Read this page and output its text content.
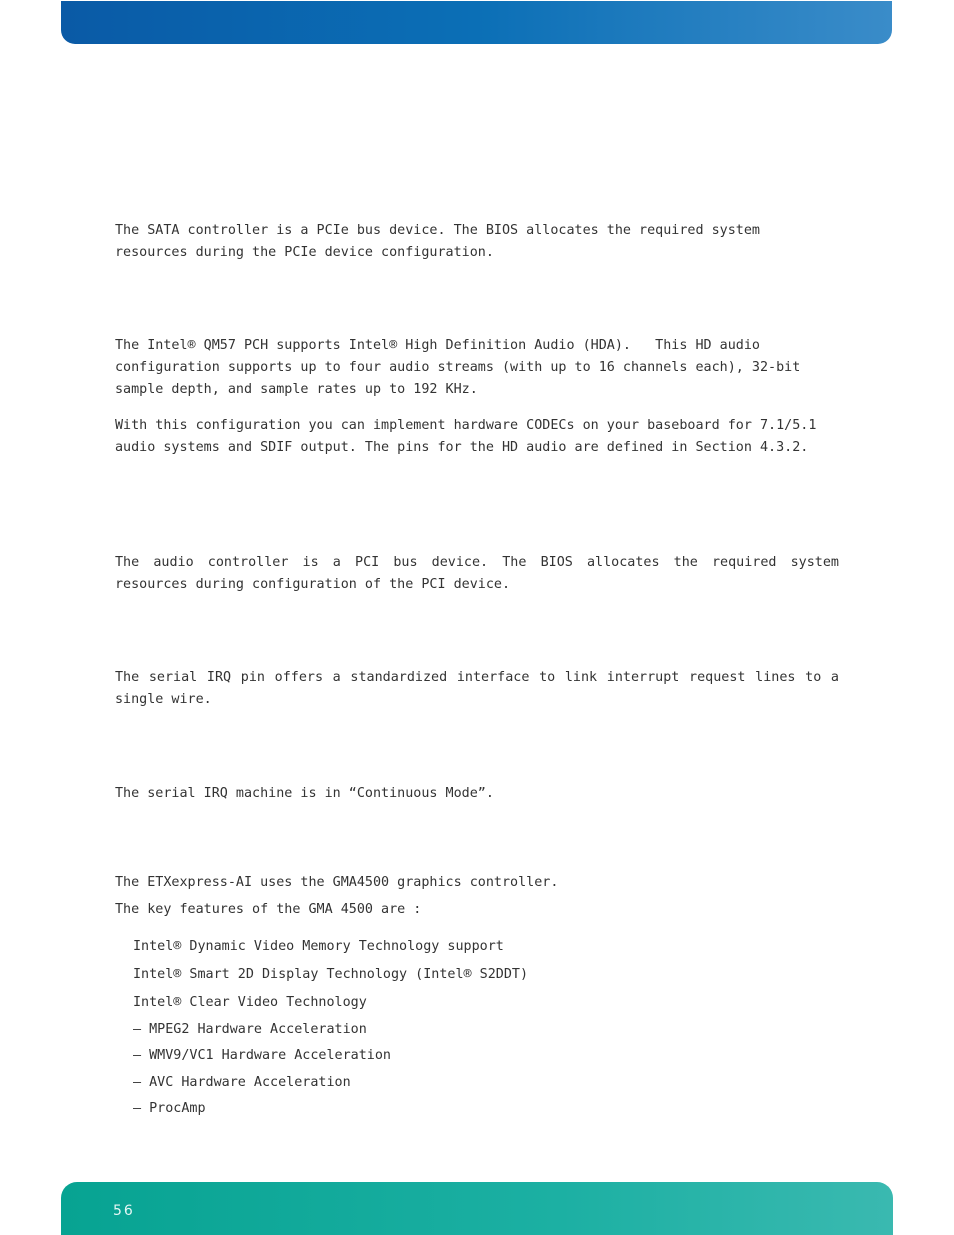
The SATA controller is a PCIe bus device. The BIOS allocates the required system resources during the PCIe device configuration.

The Intel® QM57 PCH supports Intel® High Definition Audio (HDA).   This HD audio configuration supports up to four audio streams (with up to 16 channels each), 32-bit sample depth, and sample rates up to 192 KHz.

With this configuration you can implement hardware CODECs on your baseboard for 7.1/5.1 audio systems and SDIF output. The pins for the HD audio are defined in Section 4.3.2.

The audio controller is a PCI bus device. The BIOS allocates the required system resources during configuration of the PCI device.

The serial IRQ pin offers a standardized interface to link interrupt request lines to a single wire.

The serial IRQ machine is in “Continuous Mode”.

The ETXexpress-AI uses the GMA4500 graphics controller.

The key features of the GMA 4500 are :

Intel® Dynamic Video Memory Technology support
Intel® Smart 2D Display Technology (Intel® S2DDT)
Intel® Clear Video Technology
— MPEG2 Hardware Acceleration
— WMV9/VC1 Hardware Acceleration
— AVC Hardware Acceleration
— ProcAmp
56
